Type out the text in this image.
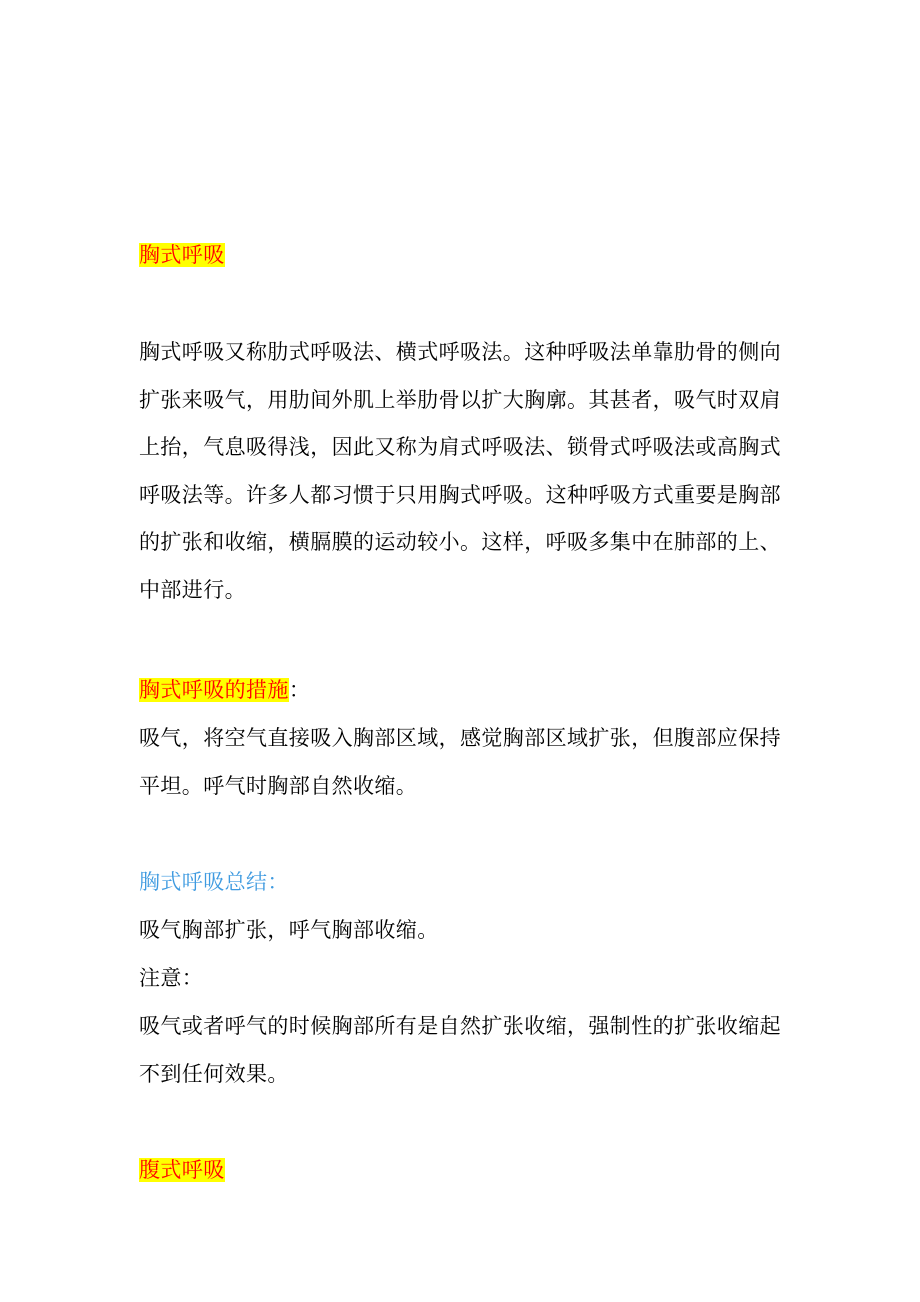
胸式呼吸
胸式呼吸又称肋式呼吸法、横式呼吸法。这种呼吸法单靠肋骨的侧向
扩张来吸气，用肋间外肌上举肋骨以扩大胸廓。其甚者，吸气时双肩
上抬，气息吸得浅，因此又称为肩式呼吸法、锁骨式呼吸法或高胸式
呼吸法等。许多人都习惯于只用胸式呼吸。这种呼吸方式重要是胸部
的扩张和收缩，横膈膜的运动较小。这样，呼吸多集中在肺部的上、
中部进行。
胸式呼吸的措施：
吸气，将空气直接吸入胸部区域，感觉胸部区域扩张，但腹部应保持
平坦。呼气时胸部自然收缩。
胸式呼吸总结：
吸气胸部扩张，呼气胸部收缩。
注意：
吸气或者呼气的时候胸部所有是自然扩张收缩，强制性的扩张收缩起
不到任何效果。
腹式呼吸
